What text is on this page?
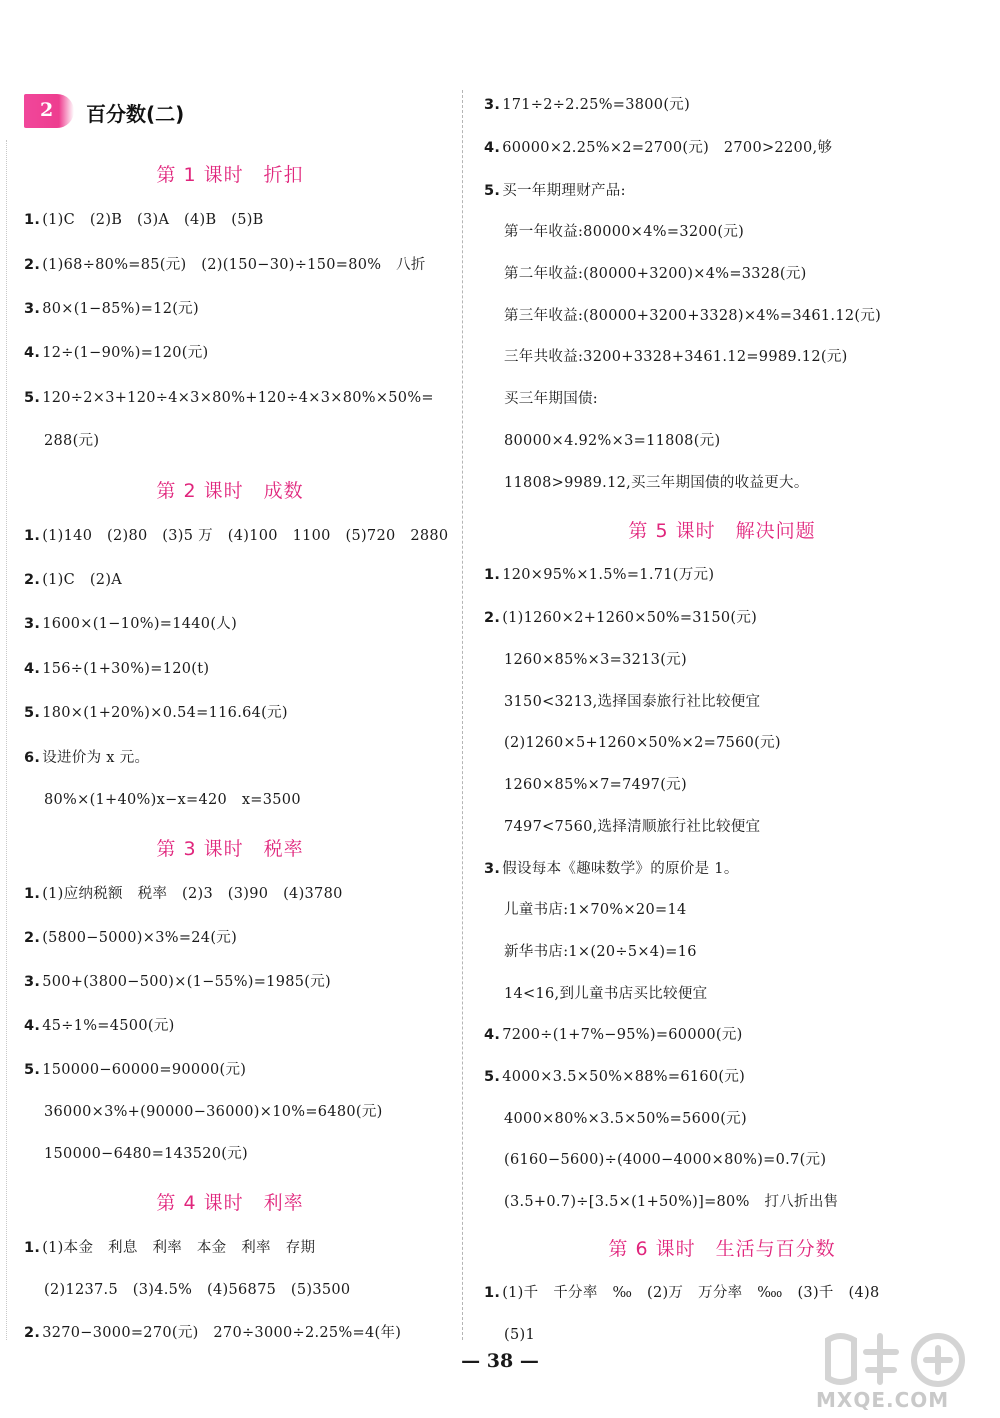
2 百分数(二)
第 1 课时　折扣
第 2 课时　成数
第 3 课时　税率
第 4 课时　利率
1. (1)C　(2)B　(3)A　(4)B　(5)B
2. (1)68÷80%=85(元)　(2)(150−30)÷150=80%　八折
3. 80×(1−85%)=12(元)
4. 12÷(1−90%)=120(元)
5. 120÷2×3+120÷4×3×80%+120÷4×3×80%×50%=
288(元)
1. (1)140　(2)80　(3)5 万　(4)100　1100　(5)720　2880
2. (1)C　(2)A
3. 1600×(1−10%)=1440(人)
4. 156÷(1+30%)=120(t)
5. 180×(1+20%)×0.54=116.64(元)
6. 设进价为 x 元。
80%×(1+40%)x−x=420　x=3500
1. (1)应纳税额　税率　(2)3　(3)90　(4)3780
2. (5800−5000)×3%=24(元)
3. 500+(3800−500)×(1−55%)=1985(元)
4. 45÷1%=4500(元)
5. 150000−60000=90000(元)
36000×3%+(90000−36000)×10%=6480(元)
150000−6480=143520(元)
1. (1)本金　利息　利率　本金　利率　存期
(2)1237.5　(3)4.5%　(4)56875　(5)3500
2. 3270−3000=270(元)　270÷3000÷2.25%=4(年)
第 5 课时　解决问题
第 6 课时　生活与百分数
3. 171÷2÷2.25%=3800(元)
4. 60000×2.25%×2=2700(元)　2700>2200,够
5. 买一年期理财产品:
第一年收益:80000×4%=3200(元)
第二年收益:(80000+3200)×4%=3328(元)
第三年收益:(80000+3200+3328)×4%=3461.12(元)
三年共收益:3200+3328+3461.12=9989.12(元)
买三年期国债:
80000×4.92%×3=11808(元)
11808>9989.12,买三年期国债的收益更大。
1. 120×95%×1.5%=1.71(万元)
2. (1)1260×2+1260×50%=3150(元)
1260×85%×3=3213(元)
3150<3213,选择国泰旅行社比较便宜
(2)1260×5+1260×50%×2=7560(元)
1260×85%×7=7497(元)
7497<7560,选择清顺旅行社比较便宜
3. 假设每本《趣味数学》的原价是 1。
儿童书店:1×70%×20=14
新华书店:1×(20÷5×4)=16
14<16,到儿童书店买比较便宜
4. 7200÷(1+7%−95%)=60000(元)
5. 4000×3.5×50%×88%=6160(元)
4000×80%×3.5×50%=5600(元)
(6160−5600)÷(4000−4000×80%)=0.7(元)
(3.5+0.7)÷[3.5×(1+50%)]=80%　打八折出售
1. (1)千　千分率　‰　(2)万　万分率　‱　(3)千　(4)8
(5)1
— 38 —
MXQE.COM
